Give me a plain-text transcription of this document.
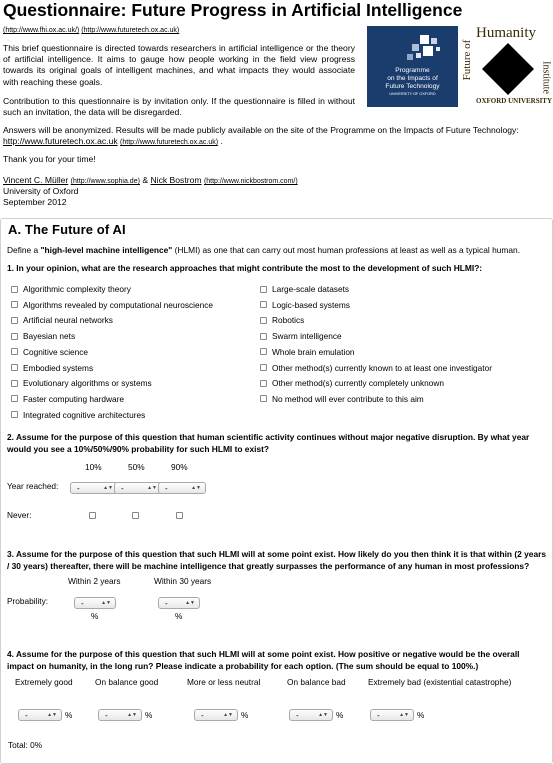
Questionnaire: Future Progress in Artificial Intelligence
(http://www.fhi.ox.ac.uk/) (http://www.futuretech.ox.ac.uk)
This brief questionnaire is directed towards researchers in artificial intelligence or the theory of artificial intelligence. It aims to gauge how people working in the field view progress towards its original goals of intelligent machines, and what impacts they would associate with reaching these goals.
Contribution to this questionnaire is by invitation only. If the questionnaire is filled in without such an invitation, the data will be disregarded.
Answers will be anonymized. Results will be made publicly available on the site of the Programme on the Impacts of Future Technology:
http://www.futuretech.ox.ac.uk (http://www.futuretech.ox.ac.uk) .
Thank you for your time!
Vincent C. Müller (http://www.sophia.de) & Nick Bostrom (http://www.nickbostrom.com/)
University of Oxford
September 2012
Programme
on the Impacts of
Future Technology
UNIVERSITY OF OXFORD
Future of
Humanity
Institute
OXFORD UNIVERSITY
A. The Future of AI
Define a "high-level machine intelligence" (HLMI) as one that can carry out most human professions at least as well as a typical human.
1. In your opinion, what are the research approaches that might contribute the most to the development of such HLMI?:
Algorithmic complexity theory
Algorithms revealed by computational neuroscience
Artificial neural networks
Bayesian nets
Cognitive science
Embodied systems
Evolutionary algorithms or systems
Faster computing hardware
Integrated cognitive architectures
Large-scale datasets
Logic-based systems
Robotics
Swarm intelligence
Whole brain emulation
Other method(s) currently known to at least one investigator
Other method(s) currently completely unknown
No method will ever contribute to this aim
2. Assume for the purpose of this question that human scientific activity continues without major negative disruption. By what year would you see a 10%/50%/90% probability for such HLMI to exist?
10%	50%	90%
Year reached: -	▲▼ -	▲▼ -	▲▼
Never:
3. Assume for the purpose of this question that such HLMI will at some point exist. How likely do you then think it is that within (2 years / 30 years) thereafter, there will be machine intelligence that greatly surpasses the performance of any human in most professions?
Within 2 years	Within 30 years
Probability:	-	▲▼	-	▲▼
%	%
4. Assume for the purpose of this question that such HLMI will at some point exist. How positive or negative would be the overall impact on humanity, in the long run? Please indicate a probability for each option. (The sum should be equal to 100%.)
Extremely good	On balance good	More or less neutral	On balance bad	Extremely bad (existential catastrophe)
-	▲▼ %	-	▲▼ %	-	▲▼ %	-	▲▼ %	-	▲▼ %
Total: 0%
